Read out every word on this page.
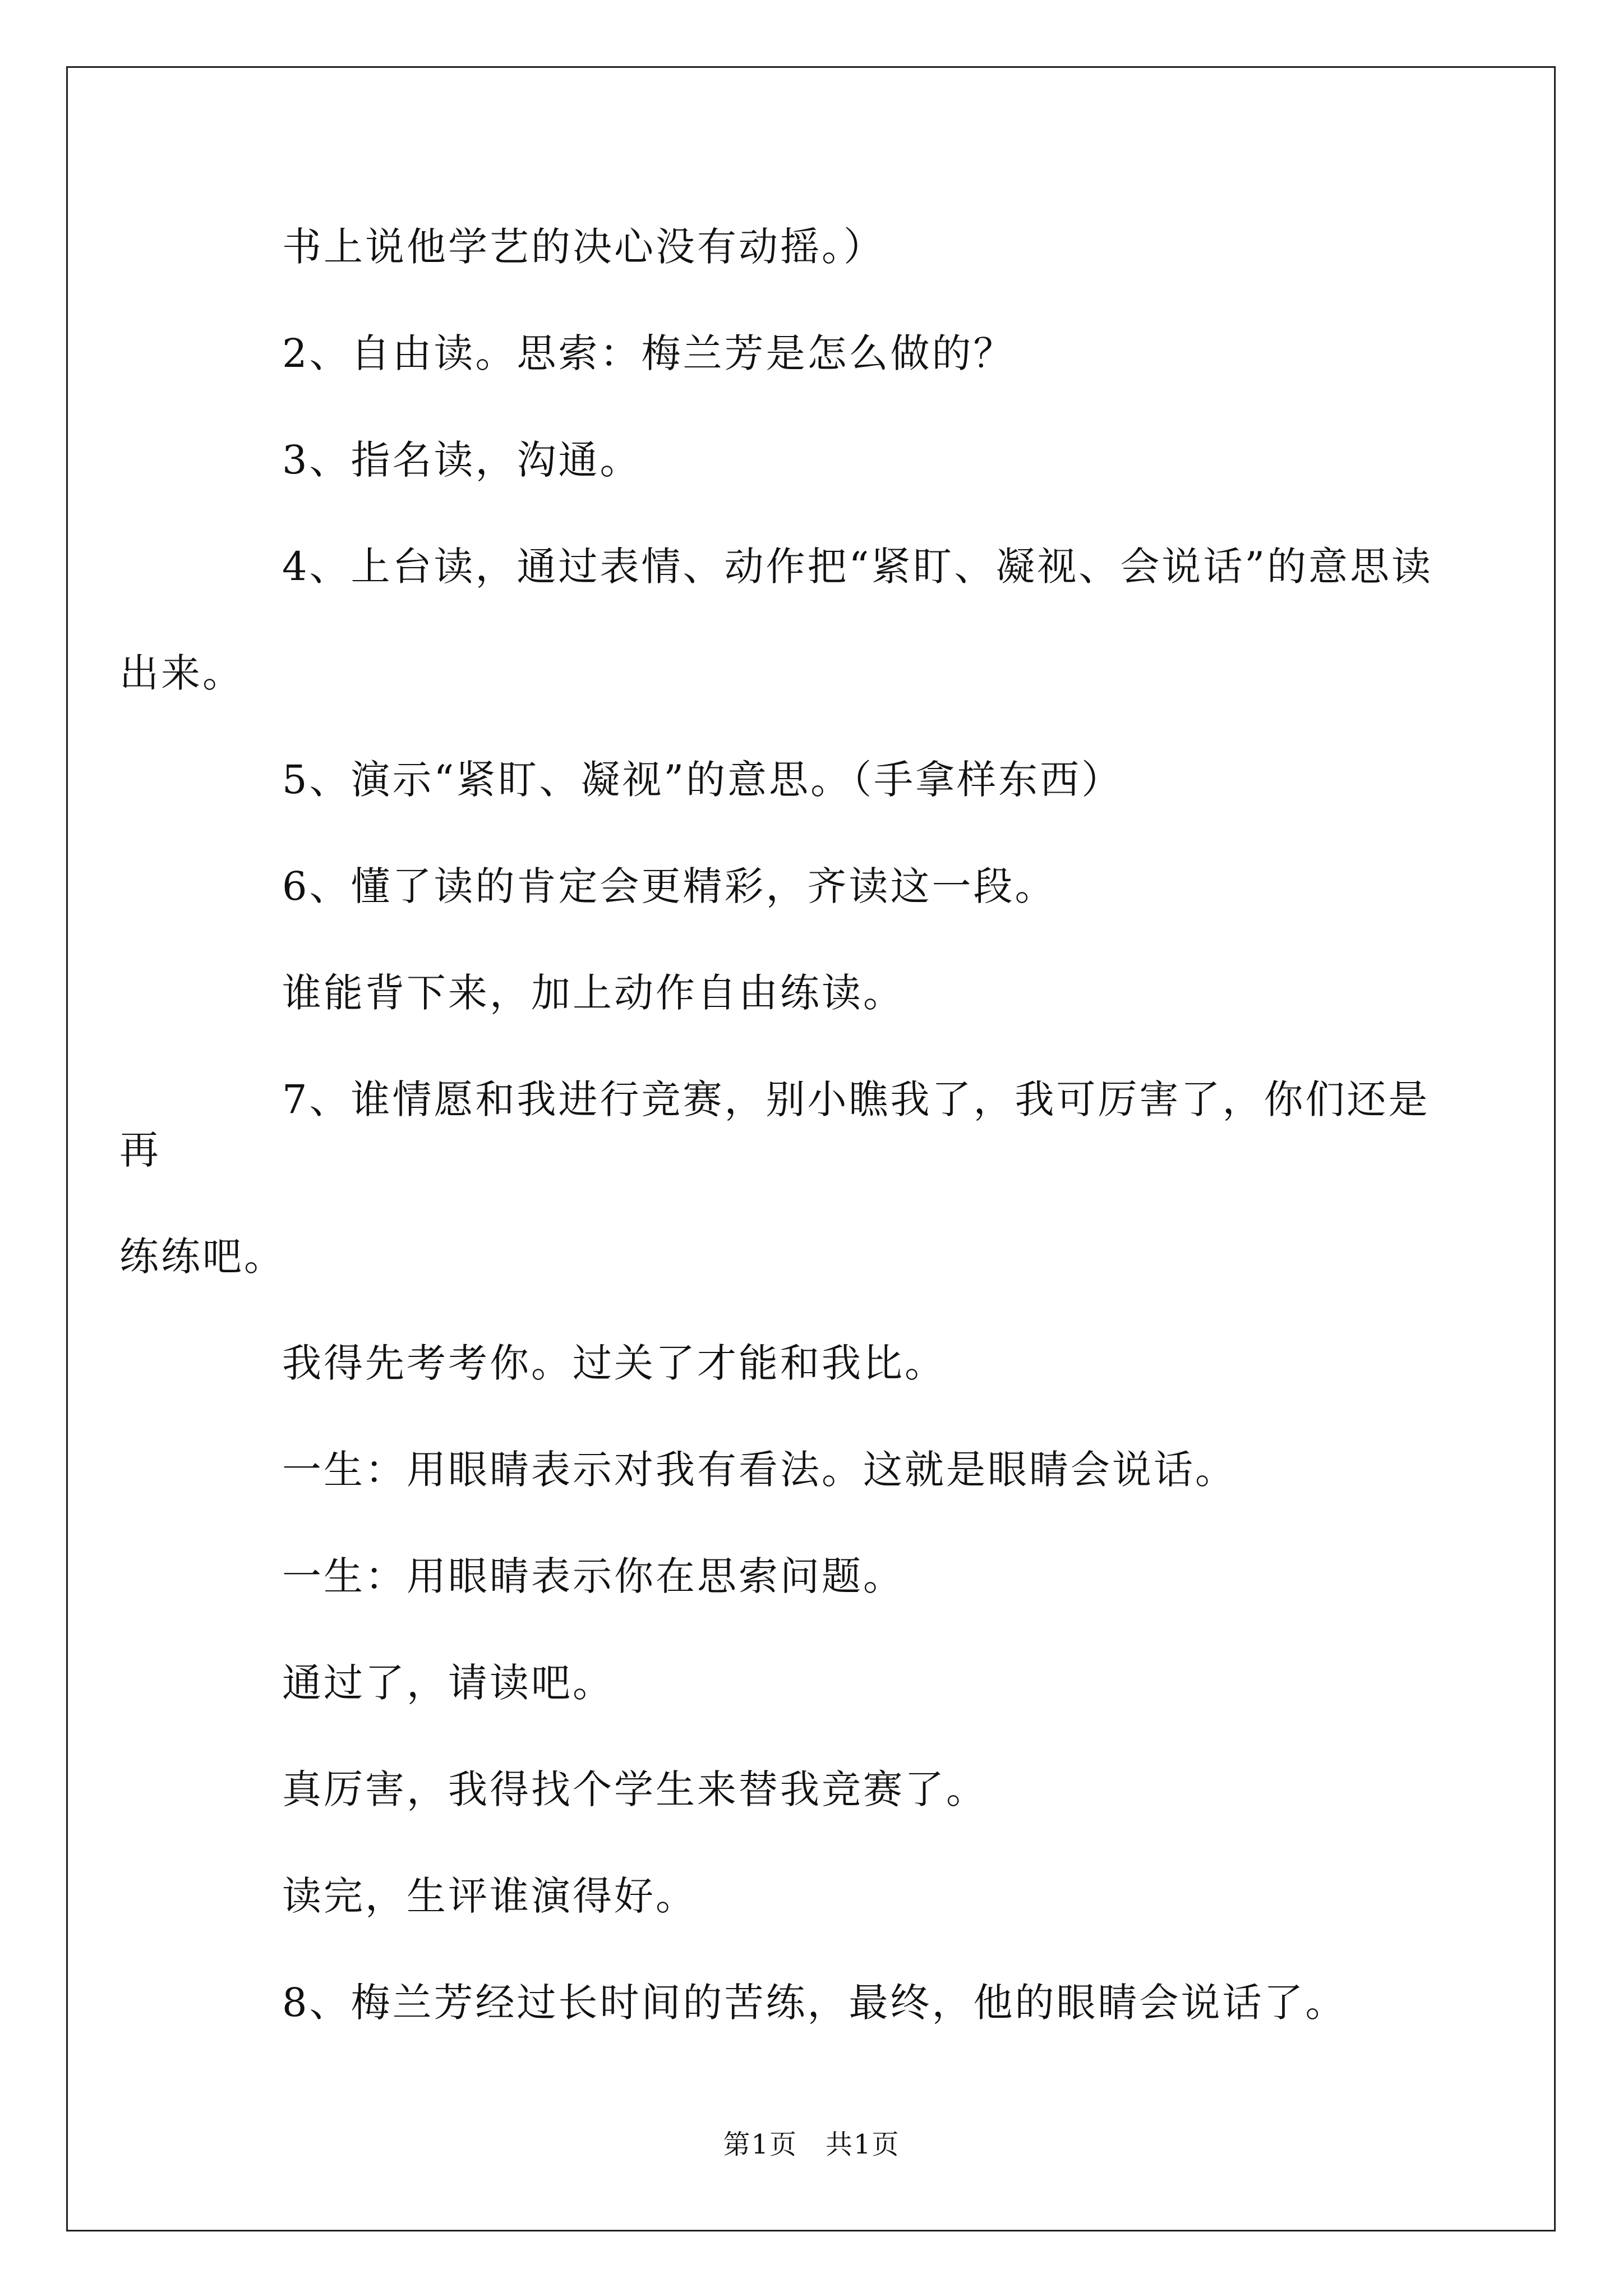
书上说他学艺的决心没有动摇。）

2、自由读。思索：梅兰芳是怎么做的？

3、指名读，沟通。

4、上台读，通过表情、动作把“紧盯、凝视、会说话”的意思读
出来。

5、演示“紧盯、凝视”的意思。（手拿样东西）

6、懂了读的肯定会更精彩，齐读这一段。

谁能背下来，加上动作自由练读。

7、谁情愿和我进行竞赛，别小瞧我了，我可厉害了，你们还是再
练练吧。

我得先考考你。过关了才能和我比。

一生：用眼睛表示对我有看法。这就是眼睛会说话。

一生：用眼睛表示你在思索问题。

通过了，请读吧。

真厉害，我得找个学生来替我竞赛了。

读完，生评谁演得好。

8、梅兰芳经过长时间的苦练，最终，他的眼睛会说话了。

第1页 共1页
